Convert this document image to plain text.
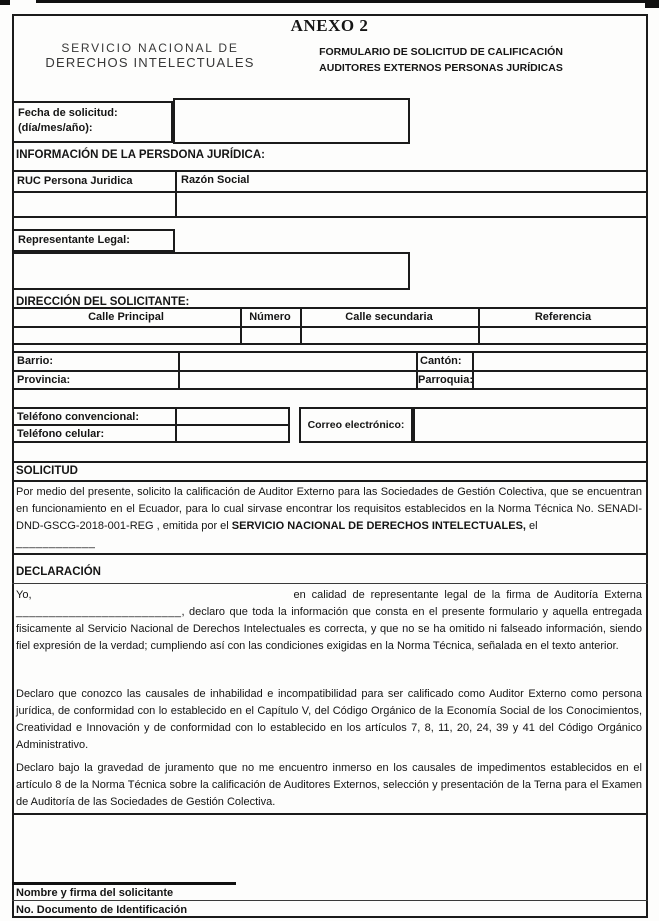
ANEXO 2
SERVICIO NACIONAL DE
DERECHOS INTELECTUALES
FORMULARIO DE SOLICITUD DE CALIFICACIÓN
AUDITORES EXTERNOS PERSONAS JURÍDICAS
Fecha de solicitud:
(día/mes/año):
INFORMACIÓN DE LA PERSDONA JURÍDICA:
RUC Persona Juridica	Razón Social
Representante Legal:
DIRECCIÓN DEL SOLICITANTE:
Calle Principal	Número	Calle secundaria	Referencia
Barrio:	Cantón:
Provincia:	Parroquia:
Teléfono convencional:
Teléfono celular:
Correo electrónico:
SOLICITUD
Por medio del presente, solicito la calificación de Auditor Externo para las Sociedades de Gestión Colectiva, que se encuentran en funcionamiento en el Ecuador, para lo cual sirvase encontrar los requisitos establecidos en la Norma Técnica No. SENADI-DND-GSCG-2018-001-REG , emitida por el SERVICIO NACIONAL DE DERECHOS INTELECTUALES, el
____________
DECLARACIÓN
Yo,	en calidad de representante legal de la firma de Auditoría Externa _________________________, declaro que toda la información que consta en el presente formulario y aquella entregada fisicamente al Servicio Nacional de Derechos Intelectuales es correcta, y que no se ha omitido ni falseado información, siendo fiel expresión de la verdad; cumpliendo así con las condiciones exigidas en la Norma Técnica, señalada en el texto anterior.
Declaro que conozco las causales de inhabilidad e incompatibilidad para ser calificado como Auditor Externo como persona jurídica, de conformidad con lo establecido en el Capítulo V, del Código Orgánico de la Economía Social de los Conocimientos, Creatividad e Innovación y de conformidad con lo establecido en los artículos 7, 8, 11, 20, 24, 39 y 41 del Código Orgánico Administrativo.
Declaro bajo la gravedad de juramento que no me encuentro inmerso en los causales de impedimentos establecidos en el artículo 8 de la Norma Técnica sobre la calificación de Auditores Externos, selección y presentación de la Terna para el Examen de Auditoría de las Sociedades de Gestión Colectiva.
Nombre y firma del solicitante
No. Documento de Identificación
